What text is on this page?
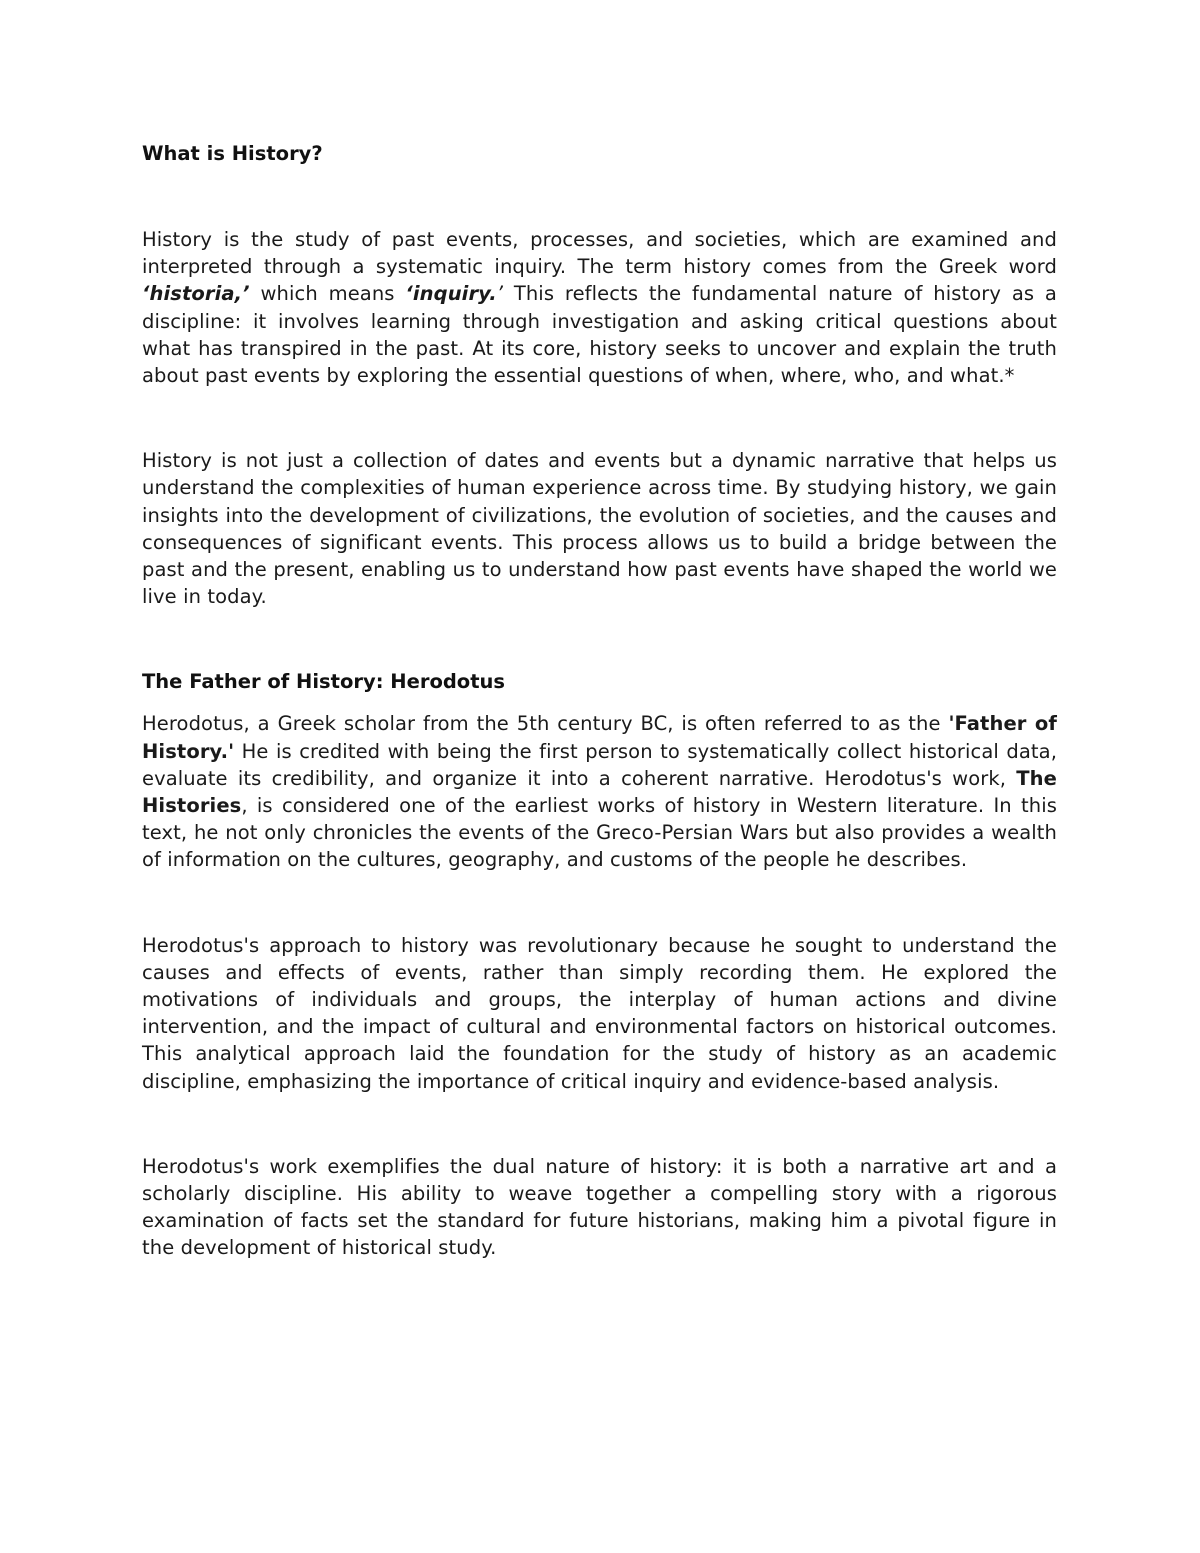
What is History?

History is the study of past events, processes, and societies, which are examined and interpreted through a systematic inquiry. The term history comes from the Greek word ‘historia,’ which means ‘inquiry.’ This reflects the fundamental nature of history as a discipline: it involves learning through investigation and asking critical questions about what has transpired in the past. At its core, history seeks to uncover and explain the truth about past events by exploring the essential questions of when, where, who, and what.*

History is not just a collection of dates and events but a dynamic narrative that helps us understand the complexities of human experience across time. By studying history, we gain insights into the development of civilizations, the evolution of societies, and the causes and consequences of significant events. This process allows us to build a bridge between the past and the present, enabling us to understand how past events have shaped the world we live in today.

The Father of History: Herodotus

Herodotus, a Greek scholar from the 5th century BC, is often referred to as the 'Father of History.' He is credited with being the first person to systematically collect historical data, evaluate its credibility, and organize it into a coherent narrative. Herodotus's work, The Histories, is considered one of the earliest works of history in Western literature. In this text, he not only chronicles the events of the Greco-Persian Wars but also provides a wealth of information on the cultures, geography, and customs of the people he describes.

Herodotus's approach to history was revolutionary because he sought to understand the causes and effects of events, rather than simply recording them. He explored the motivations of individuals and groups, the interplay of human actions and divine intervention, and the impact of cultural and environmental factors on historical outcomes. This analytical approach laid the foundation for the study of history as an academic discipline, emphasizing the importance of critical inquiry and evidence-based analysis.

Herodotus's work exemplifies the dual nature of history: it is both a narrative art and a scholarly discipline. His ability to weave together a compelling story with a rigorous examination of facts set the standard for future historians, making him a pivotal figure in the development of historical study.
